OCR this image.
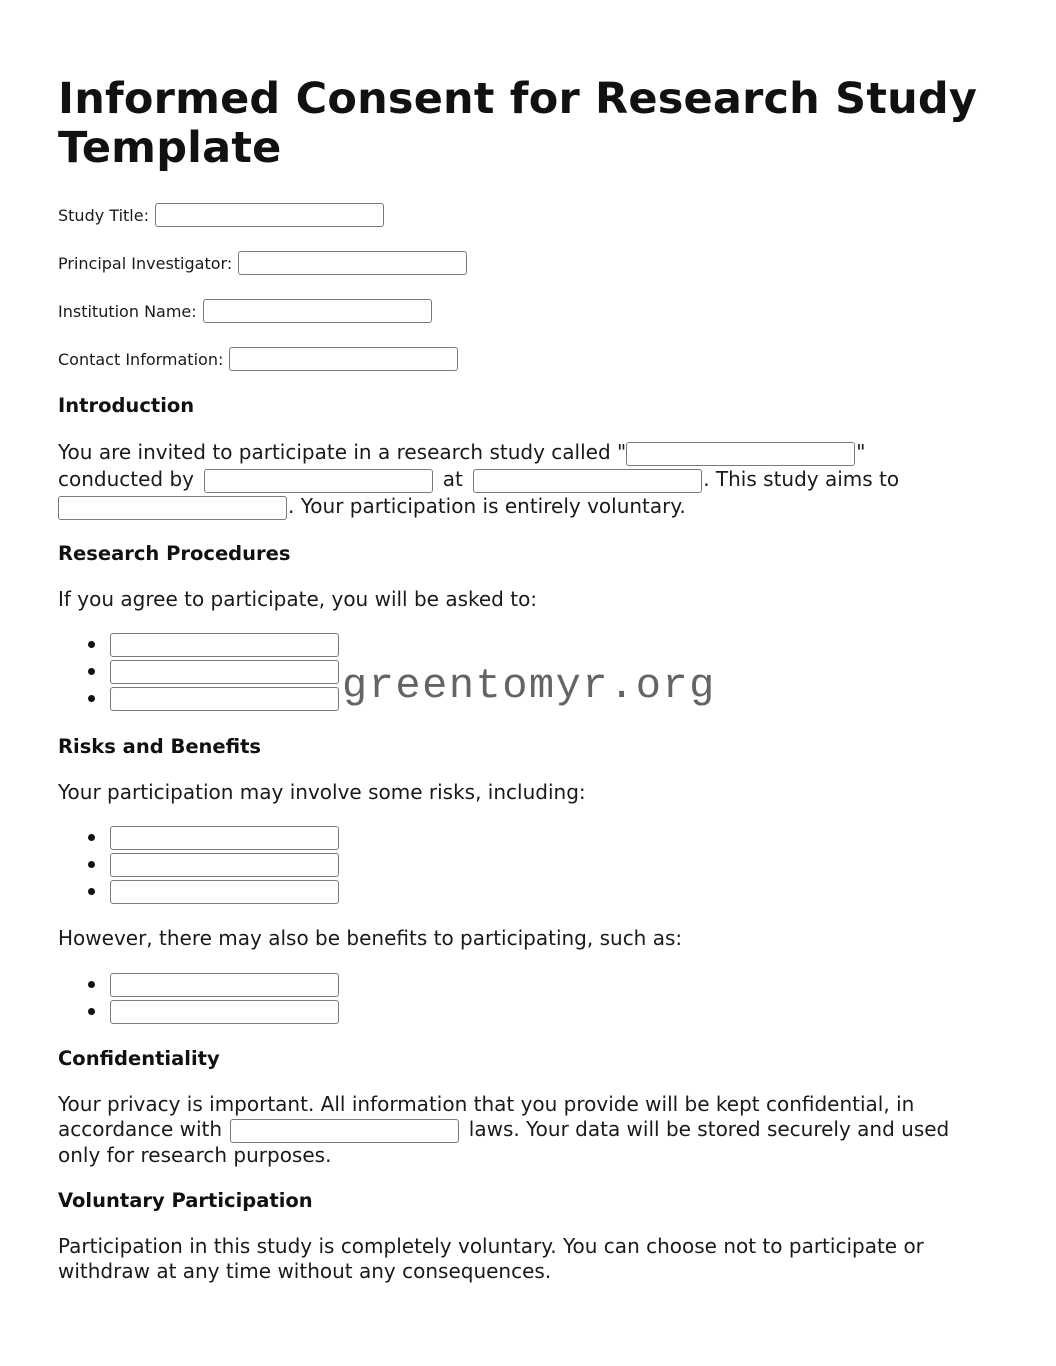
Informed Consent for Research Study Template
Study Title:
Principal Investigator:
Institution Name:
Contact Information:
Introduction

You are invited to participate in a research study called "	"
conducted by	at	. This study aims to
. Your participation is entirely voluntary.

Research Procedures

If you agree to participate, you will be asked to:

Risks and Benefits

Your participation may involve some risks, including:

However, there may also be benefits to participating, such as:

Confidentiality

Your privacy is important. All information that you provide will be kept confidential, in accordance with	laws. Your data will be stored securely and used only for research purposes.

Voluntary Participation

Participation in this study is completely voluntary. You can choose not to participate or withdraw at any time without any consequences.

greentomyr.org
